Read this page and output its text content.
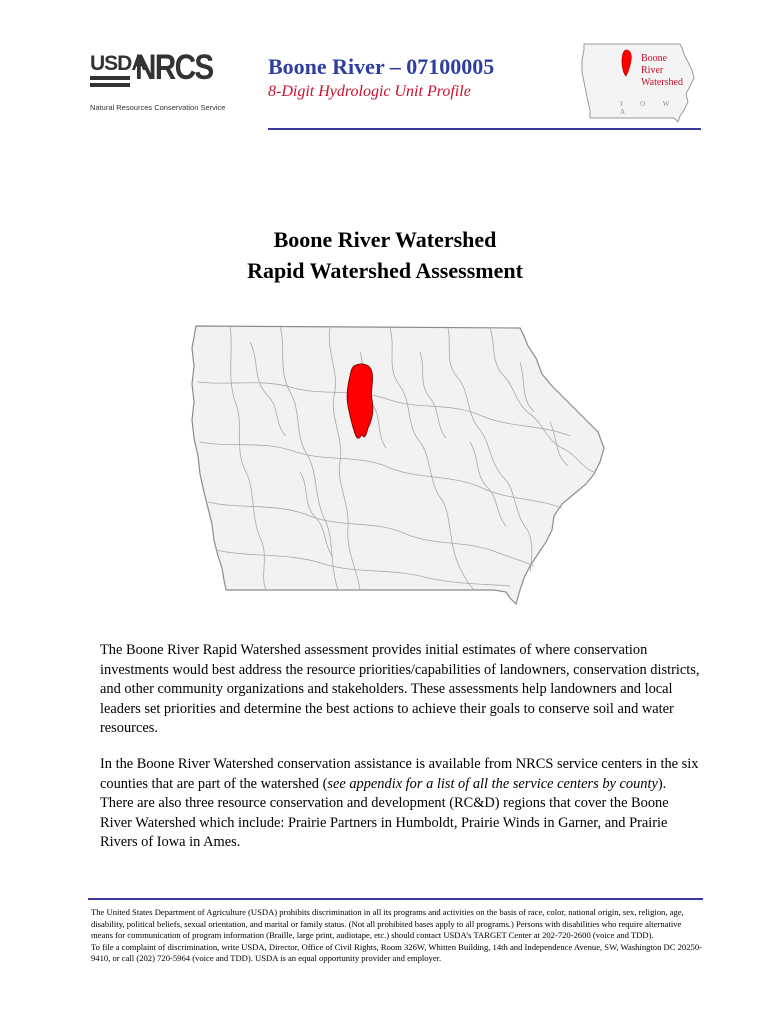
USDA
NRCS
Natural Resources Conservation Service
Boone River – 07100005
8-Digit Hydrologic Unit Profile
Boone
River
Watershed
I O W A
Boone River Watershed
Rapid Watershed Assessment
The Boone River Rapid Watershed assessment provides initial estimates of where conservation investments would best address the resource priorities/capabilities of landowners, conservation districts, and other community organizations and stakeholders. These assessments help landowners and local leaders set priorities and determine the best actions to achieve their goals to conserve soil and water resources.
In the Boone River Watershed conservation assistance is available from NRCS service centers in the six counties that are part of the watershed (see appendix for a list of all the service centers by county). There are also three resource conservation and development (RC&D) regions that cover the Boone River Watershed which include: Prairie Partners in Humboldt, Prairie Winds in Garner, and Prairie Rivers of Iowa in Ames.
The United States Department of Agriculture (USDA) prohibits discrimination in all its programs and activities on the basis of race, color, national origin, sex, religion, age, disability, political beliefs, sexual orientation, and marital or family status. (Not all prohibited bases apply to all programs.) Persons with disabilities who require alternative means for communication of program information (Braille, large print, audiotape, etc.) should contact USDA’s TARGET Center at 202-720-2600 (voice and TDD).
To file a complaint of discrimination, write USDA, Director, Office of Civil Rights, Room 326W, Whitten Building, 14th and Independence Avenue, SW, Washington DC 20250-9410, or call (202) 720-5964 (voice and TDD). USDA is an equal opportunity provider and employer.
